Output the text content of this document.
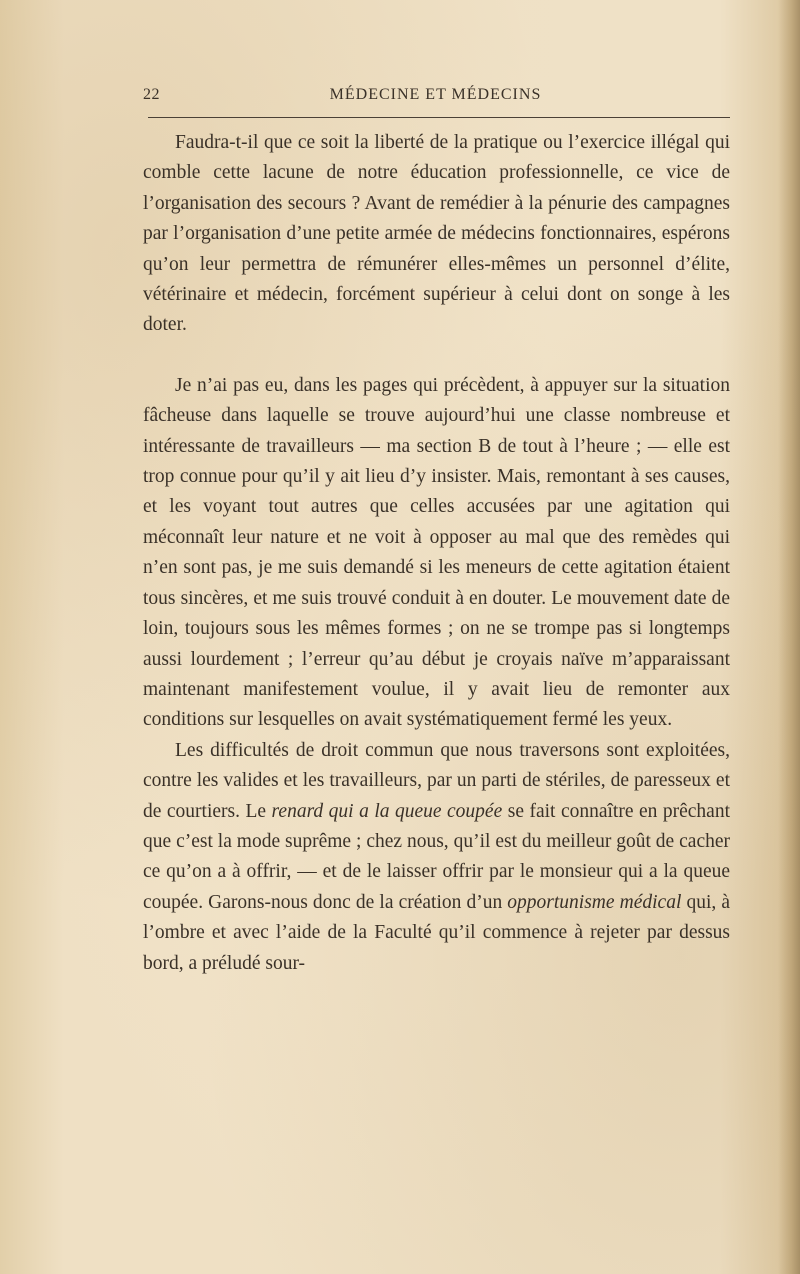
22	MÉDECINE ET MÉDECINS

Faudra-t-il que ce soit la liberté de la pratique ou l’exercice illégal qui comble cette lacune de notre éducation professionnelle, ce vice de l’organisation des secours ? Avant de remédier à la pénurie des campagnes par l’organisation d’une petite armée de médecins fonctionnaires, espérons qu’on leur permettra de rémunérer elles-mêmes un personnel d’élite, vétérinaire et médecin, forcément supérieur à celui dont on songe à les doter.

Je n’ai pas eu, dans les pages qui précèdent, à appuyer sur la situation fâcheuse dans laquelle se trouve aujourd’hui une classe nombreuse et intéressante de travailleurs — ma section B de tout à l’heure ; — elle est trop connue pour qu’il y ait lieu d’y insister. Mais, remontant à ses causes, et les voyant tout autres que celles accusées par une agitation qui méconnaît leur nature et ne voit à opposer au mal que des remèdes qui n’en sont pas, je me suis demandé si les meneurs de cette agitation étaient tous sincères, et me suis trouvé conduit à en douter. Le mouvement date de loin, toujours sous les mêmes formes ; on ne se trompe pas si longtemps aussi lourdement ; l’erreur qu’au début je croyais naïve m’apparaissant maintenant manifestement voulue, il y avait lieu de remonter aux conditions sur lesquelles on avait systématiquement fermé les yeux.

Les difficultés de droit commun que nous traversons sont exploitées, contre les valides et les travailleurs, par un parti de stériles, de paresseux et de courtiers. Le renard qui a la queue coupée se fait connaître en prêchant que c’est la mode suprême ; chez nous, qu’il est du meilleur goût de cacher ce qu’on a à offrir, — et de le laisser offrir par le monsieur qui a la queue coupée. Garons-nous donc de la création d’un opportunisme médical qui, à l’ombre et avec l’aide de la Faculté qu’il commence à rejeter par dessus bord, a préludé sour-
